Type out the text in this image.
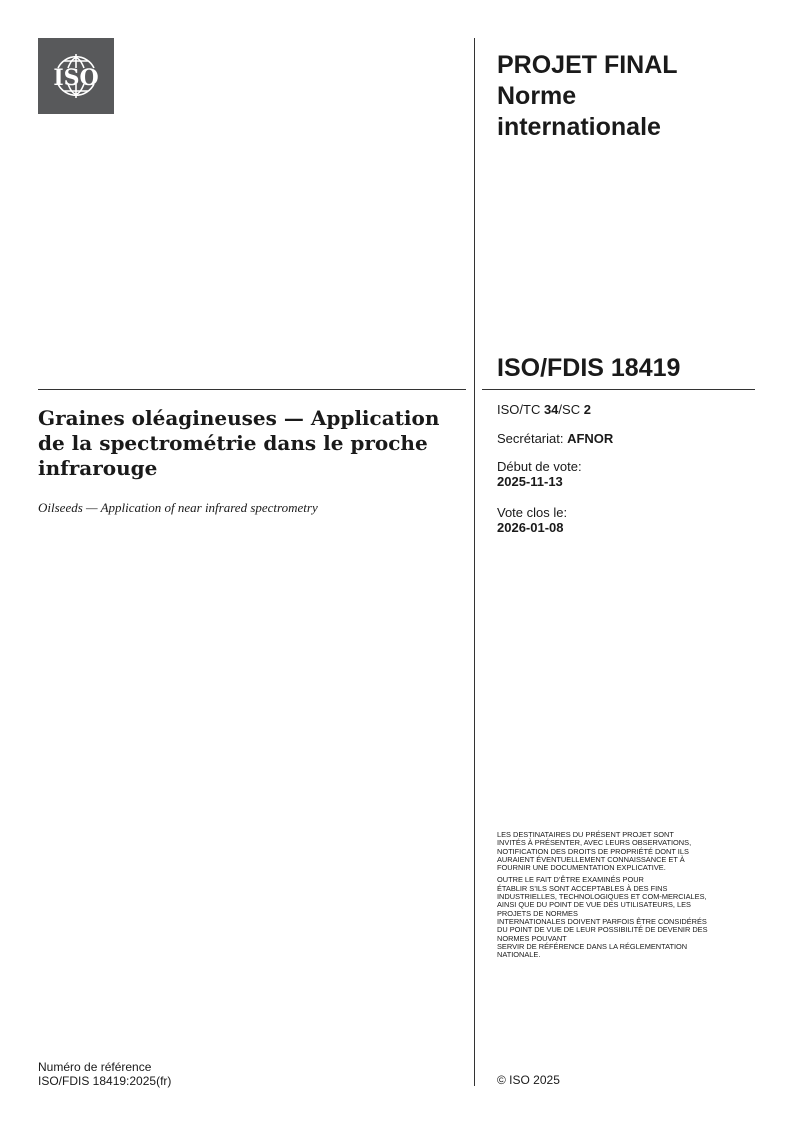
ISO	PROJET FINAL
Norme
internationale
ISO/FDIS 18419
Graines oléagineuses — Application de la spectrométrie dans le proche infrarouge
Oilseeds — Application of near infrared spectrometry
ISO/TC 34/SC 2
Secrétariat: AFNOR
Début de vote:
2025-11-13
Vote clos le:
2026-01-08

LES DESTINATAIRES DU PRÉSENT PROJET SONT
INVITÉS À PRÉSENTER, AVEC LEURS OBSERVATIONS,
NOTIFICATION DES DROITS DE PROPRIÉTÉ DONT ILS
AURAIENT ÉVENTUELLEMENT CONNAISSANCE ET À
FOURNIR UNE DOCUMENTATION EXPLICATIVE.

OUTRE LE FAIT D’ÊTRE EXAMINÉS POUR
ÉTABLIR S’ILS SONT ACCEPTABLES À DES FINS
INDUSTRIELLES, TECHNOLOGIQUES ET COM-MERCIALES,
AINSI QUE DU POINT DE VUE DES UTILISATEURS, LES
PROJETS DE NORMES
INTERNATIONALES DOIVENT PARFOIS ÊTRE CONSIDÉRÉS
DU POINT DE VUE DE LEUR POSSIBILITÉ DE DEVENIR DES
NORMES POUVANT
SERVIR DE RÉFÉRENCE DANS LA RÉGLEMENTATION
NATIONALE.

Numéro de référence
ISO/FDIS 18419:2025(fr)	© ISO 2025
